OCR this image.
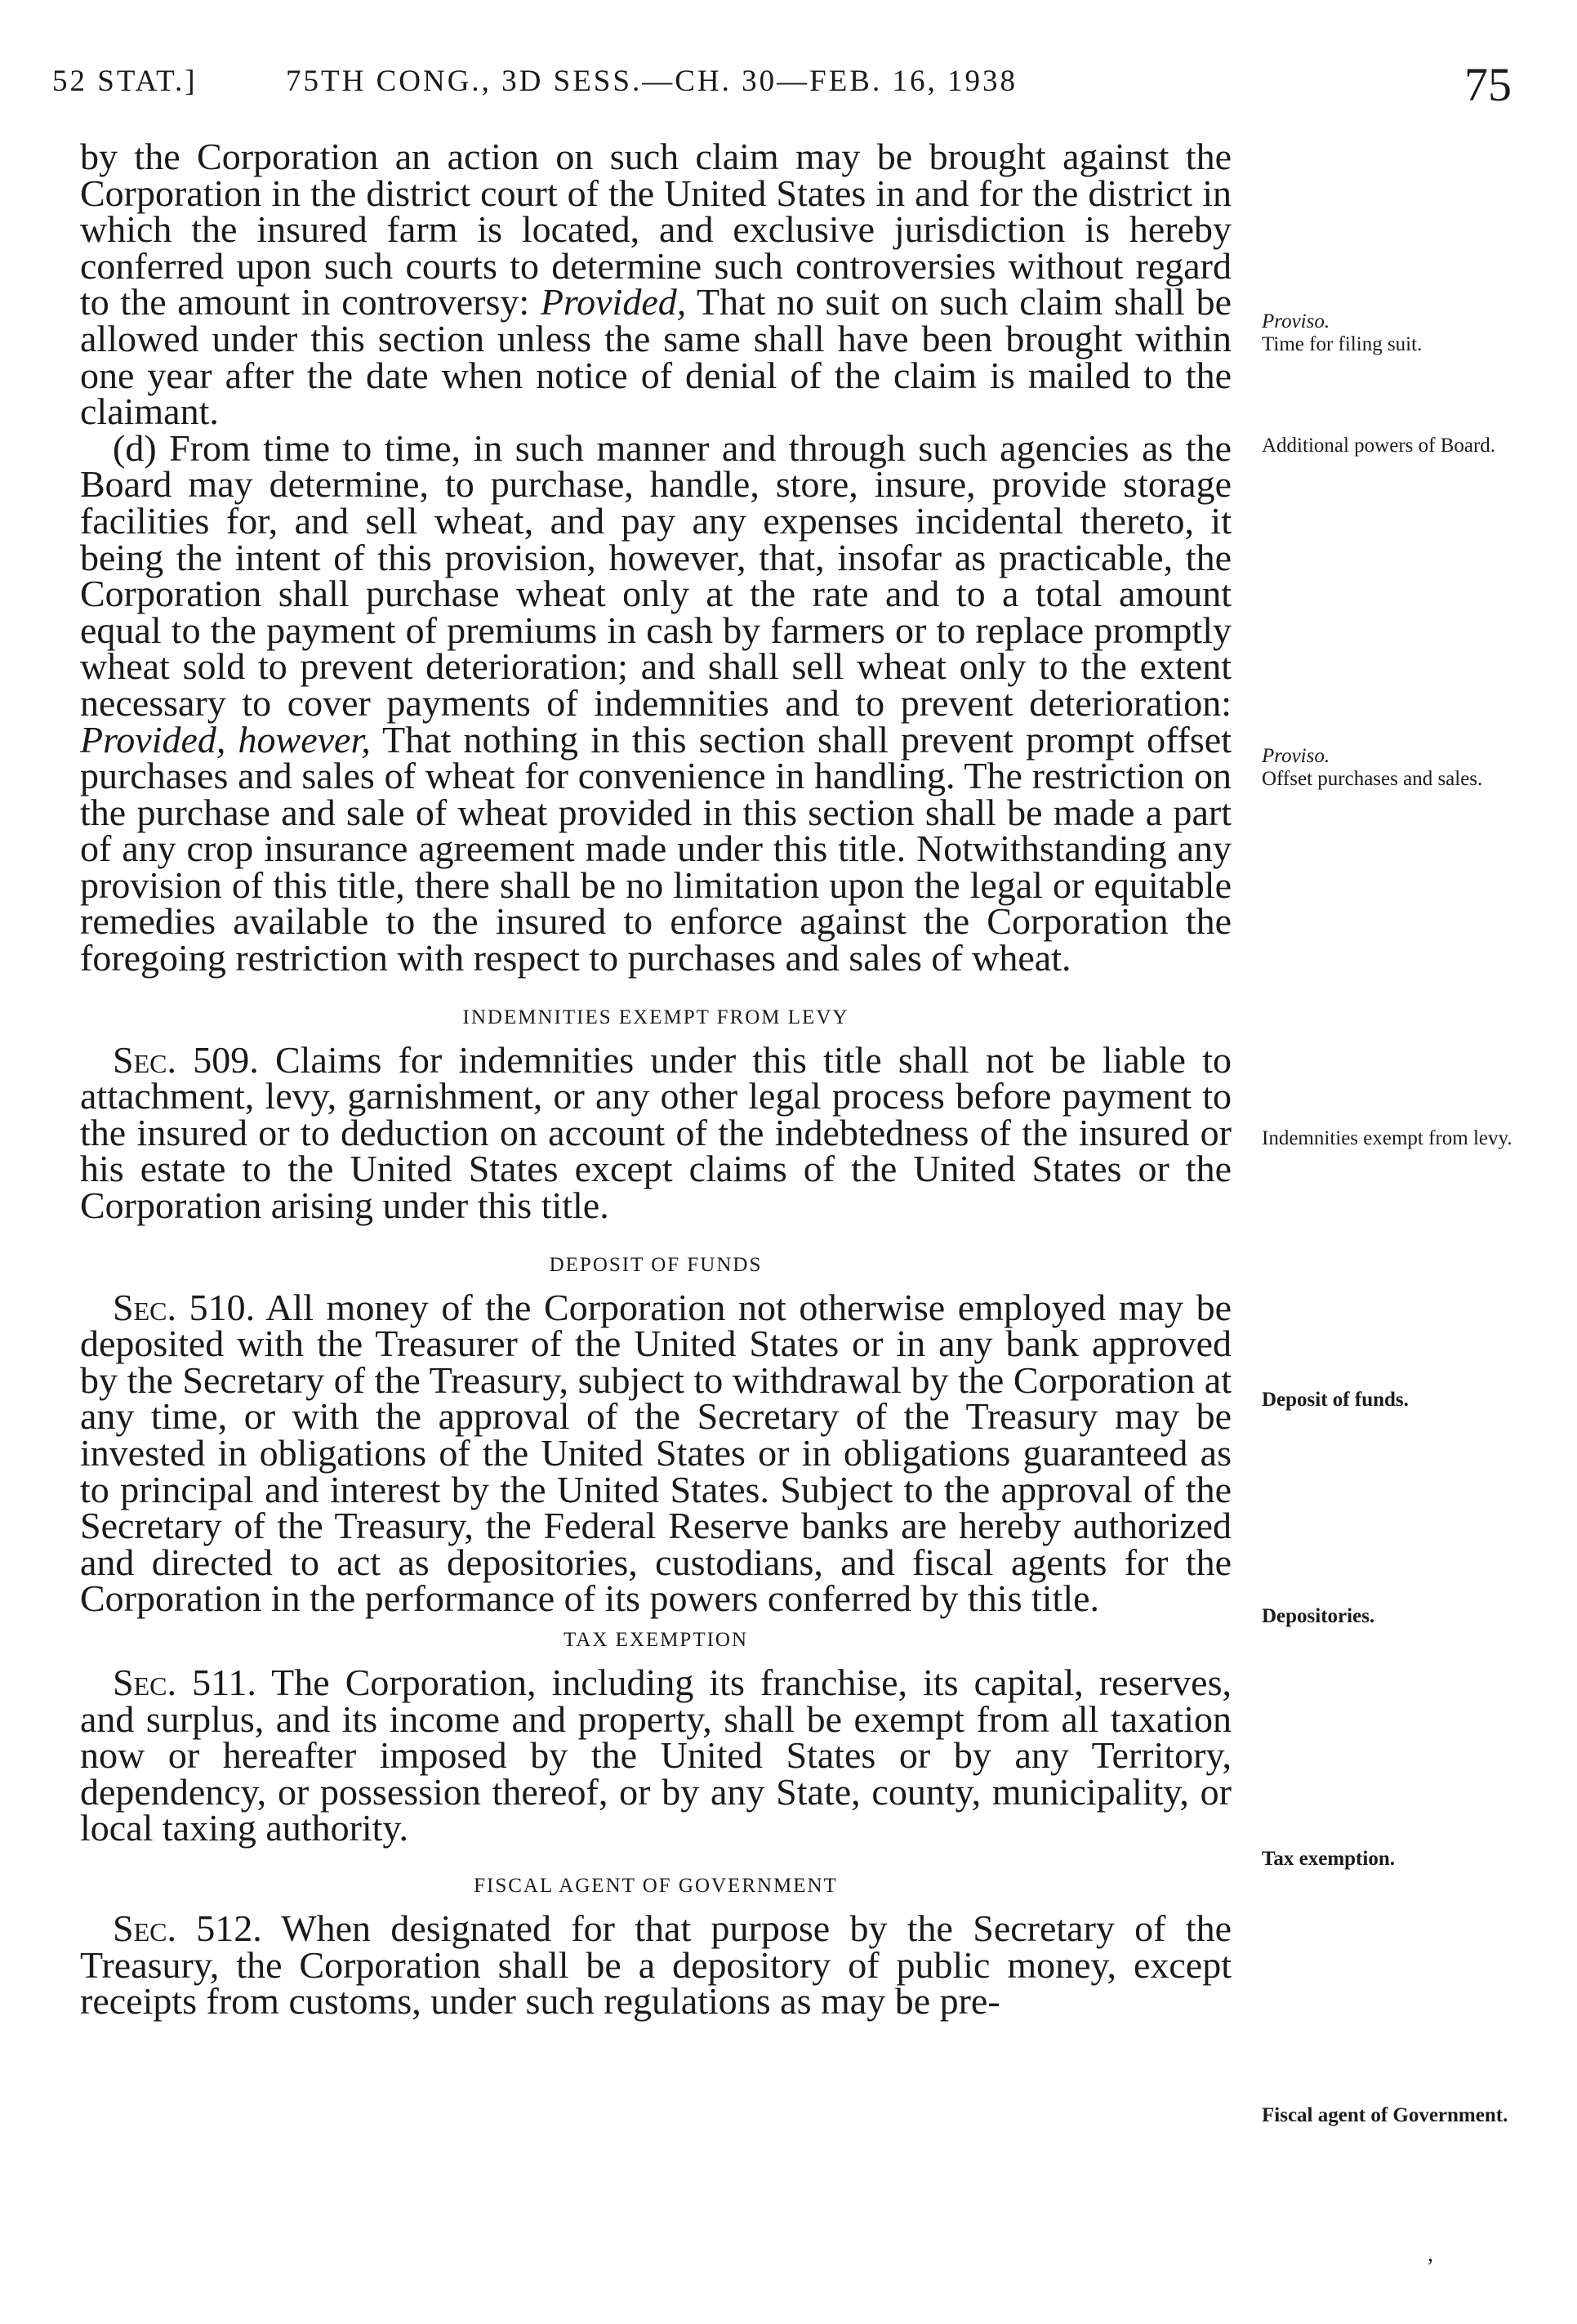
52 STAT.]	75TH CONG., 3D SESS.—CH. 30—FEB. 16, 1938	75

by the Corporation an action on such claim may be brought against the Corporation in the district court of the United States in and for the district in which the insured farm is located, and exclusive jurisdiction is hereby conferred upon such courts to determine such controversies without regard to the amount in controversy: Provided, That no suit on such claim shall be allowed under this section unless the same shall have been brought within one year after the date when notice of denial of the claim is mailed to the claimant.

(d) From time to time, in such manner and through such agencies as the Board may determine, to purchase, handle, store, insure, provide storage facilities for, and sell wheat, and pay any expenses incidental thereto, it being the intent of this provision, however, that, insofar as practicable, the Corporation shall purchase wheat only at the rate and to a total amount equal to the payment of premiums in cash by farmers or to replace promptly wheat sold to prevent deterioration; and shall sell wheat only to the extent necessary to cover payments of indemnities and to prevent deterioration: Provided, however, That nothing in this section shall prevent prompt offset purchases and sales of wheat for convenience in handling. The restriction on the purchase and sale of wheat provided in this section shall be made a part of any crop insurance agreement made under this title. Notwithstanding any provision of this title, there shall be no limitation upon the legal or equitable remedies available to the insured to enforce against the Corporation the foregoing restriction with respect to purchases and sales of wheat.

INDEMNITIES EXEMPT FROM LEVY

Sec. 509. Claims for indemnities under this title shall not be liable to attachment, levy, garnishment, or any other legal process before payment to the insured or to deduction on account of the indebtedness of the insured or his estate to the United States except claims of the United States or the Corporation arising under this title.

DEPOSIT OF FUNDS

Sec. 510. All money of the Corporation not otherwise employed may be deposited with the Treasurer of the United States or in any bank approved by the Secretary of the Treasury, subject to withdrawal by the Corporation at any time, or with the approval of the Secretary of the Treasury may be invested in obligations of the United States or in obligations guaranteed as to principal and interest by the United States. Subject to the approval of the Secretary of the Treasury, the Federal Reserve banks are hereby authorized and directed to act as depositories, custodians, and fiscal agents for the Corporation in the performance of its powers conferred by this title.

TAX EXEMPTION

Sec. 511. The Corporation, including its franchise, its capital, reserves, and surplus, and its income and property, shall be exempt from all taxation now or hereafter imposed by the United States or by any Territory, dependency, or possession thereof, or by any State, county, municipality, or local taxing authority.

FISCAL AGENT OF GOVERNMENT

Sec. 512. When designated for that purpose by the Secretary of the Treasury, the Corporation shall be a depository of public money, except receipts from customs, under such regulations as may be pre-

Proviso.
Time for filing suit.
Additional powers of Board.
Proviso.
Offset purchases and sales.
Indemnities exempt from levy.
Deposit of funds.
Depositories.
Tax exemption.
Fiscal agent of Government.
,
